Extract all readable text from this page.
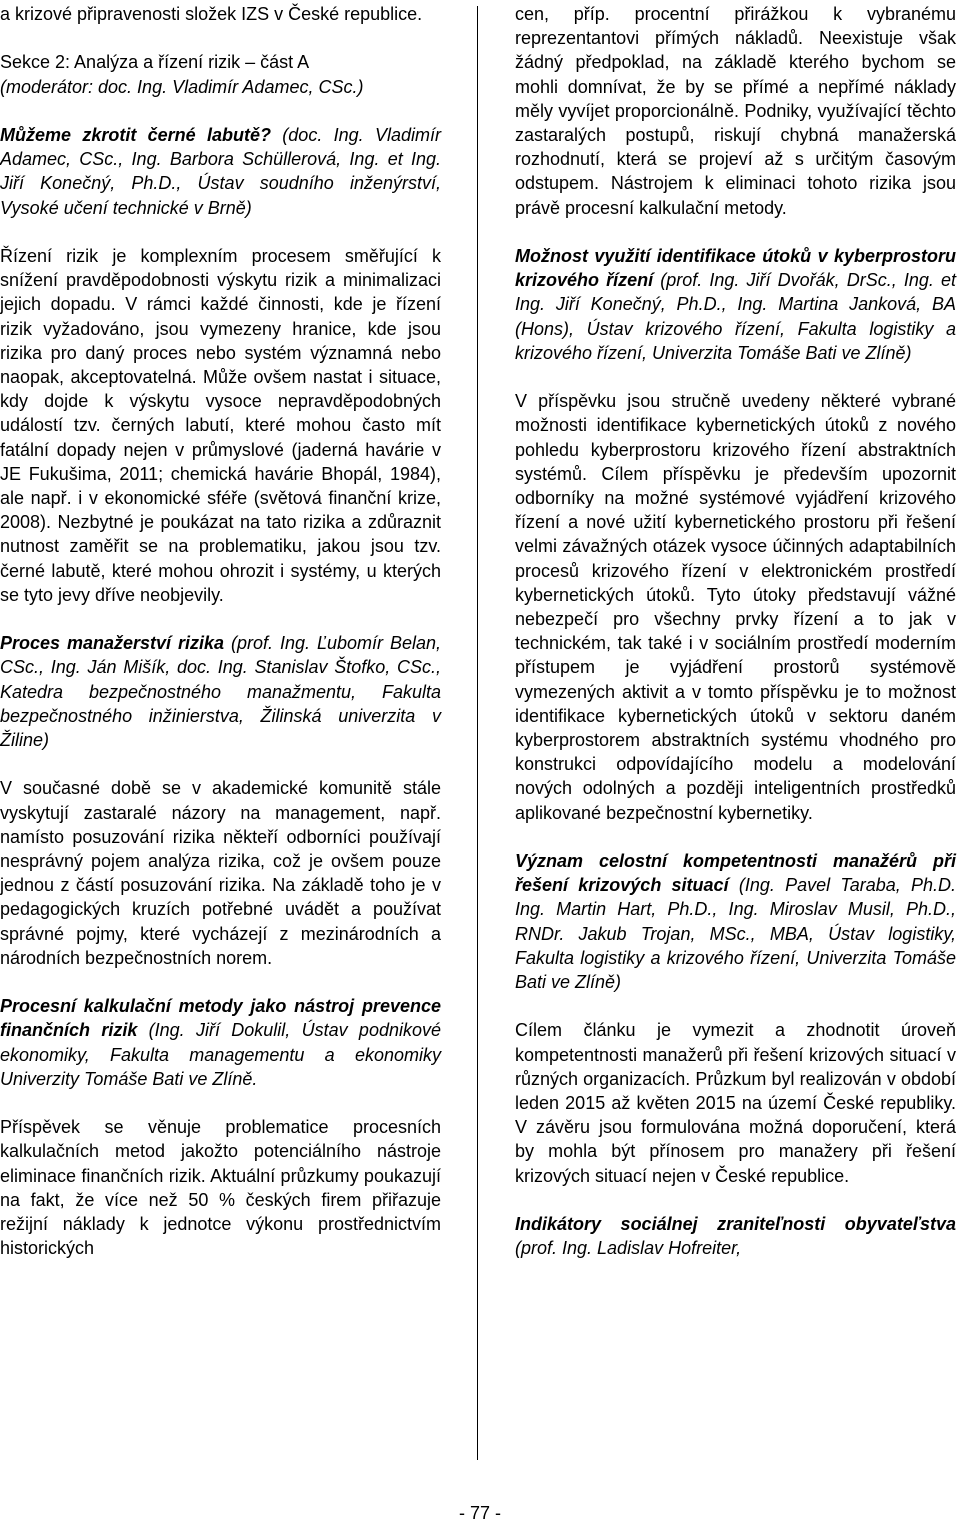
a krizové připravenosti složek IZS v České republice.

Sekce 2: Analýza a řízení rizik – část A
(moderátor: doc. Ing. Vladimír Adamec, CSc.)

Můžeme zkrotit černé labutě? (doc. Ing. Vladimír Adamec, CSc., Ing. Barbora Schüllerová, Ing. et Ing. Jiří Konečný, Ph.D., Ústav soudního inženýrství, Vysoké učení technické v Brně)

Řízení rizik je komplexním procesem směřující k snížení pravděpodobnosti výskytu rizik a minimalizaci jejich dopadu. V rámci každé činnosti, kde je řízení rizik vyžadováno, jsou vymezeny hranice, kde jsou rizika pro daný proces nebo systém významná nebo naopak, akceptovatelná. Může ovšem nastat i situace, kdy dojde k výskytu vysoce nepravděpodobných událostí tzv. černých labutí, které mohou často mít fatální dopady nejen v průmyslové (jaderná havárie v JE Fukušima, 2011; chemická havárie Bhopál, 1984), ale např. i v ekonomické sféře (světová finanční krize, 2008). Nezbytné je poukázat na tato rizika a zdůraznit nutnost zaměřit se na problematiku, jakou jsou tzv. černé labutě, které mohou ohrozit i systémy, u kterých se tyto jevy dříve neobjevily.

Proces manažerství rizika (prof. Ing. Ľubomír Belan, CSc., Ing. Ján Mišík, doc. Ing. Stanislav Štofko, CSc., Katedra bezpečnostného manažmentu, Fakulta bezpečnostného inžinierstva, Žilinská univerzita v Žiline)

V současné době se v akademické komunitě stále vyskytují zastaralé názory na management, např. namísto posuzování rizika někteří odborníci používají nesprávný pojem analýza rizika, což je ovšem pouze jednou z částí posuzování rizika. Na základě toho je v pedagogických kruzích potřebné uvádět a používat správné pojmy, které vycházejí z mezinárodních a národních bezpečnostních norem.

Procesní kalkulační metody jako nástroj prevence finančních rizik (Ing. Jiří Dokulil, Ústav podnikové ekonomiky, Fakulta managementu a ekonomiky Univerzity Tomáše Bati ve Zlíně.

Příspěvek se věnuje problematice procesních kalkulačních metod jakožto potenciálního nástroje eliminace finančních rizik. Aktuální průzkumy poukazují na fakt, že více než 50 % českých firem přiřazuje režijní náklady k jednotce výkonu prostřednictvím historických

cen, příp. procentní přirážkou k vybranému reprezentantovi přímých nákladů. Neexistuje však žádný předpoklad, na základě kterého bychom se mohli domnívat, že by se přímé a nepřímé náklady měly vyvíjet proporcionálně. Podniky, využívající těchto zastaralých postupů, riskují chybná manažerská rozhodnutí, která se projeví až s určitým časovým odstupem. Nástrojem k eliminaci tohoto rizika jsou právě procesní kalkulační metody.

Možnost využití identifikace útoků v kyberprostoru krizového řízení (prof. Ing. Jiří Dvořák, DrSc., Ing. et Ing. Jiří Konečný, Ph.D., Ing. Martina Janková, BA (Hons), Ústav krizového řízení, Fakulta logistiky a krizového řízení, Univerzita Tomáše Bati ve Zlíně)

V příspěvku jsou stručně uvedeny některé vybrané možnosti identifikace kybernetických útoků z nového pohledu kyberprostoru krizového řízení abstraktních systémů. Cílem příspěvku je především upozornit odborníky na možné systémové vyjádření krizového řízení a nové užití kybernetického prostoru při řešení velmi závažných otázek vysoce účinných adaptabilních procesů krizového řízení v elektronickém prostředí kybernetických útoků. Tyto útoky představují vážné nebezpečí pro všechny prvky řízení a to jak v technickém, tak také i v sociálním prostředí moderním přístupem je vyjádření prostorů systémově vymezených aktivit a v tomto příspěvku je to možnost identifikace kybernetických útoků v sektoru daném kyberprostorem abstraktních systému vhodného pro konstrukci odpovídajícího modelu a modelování nových odolných a později inteligentních prostředků aplikované bezpečnostní kybernetiky.

Význam celostní kompetentnosti manažérů při řešení krizových situací (Ing. Pavel Taraba, Ph.D. Ing. Martin Hart, Ph.D., Ing. Miroslav Musil, Ph.D., RNDr. Jakub Trojan, MSc., MBA, Ústav logistiky, Fakulta logistiky a krizového řízení, Univerzita Tomáše Bati ve Zlíně)

Cílem článku je vymezit a zhodnotit úroveň kompetentnosti manažerů při řešení krizových situací v různých organizacích. Průzkum byl realizován v období leden 2015 až květen 2015 na území České republiky. V závěru jsou formulována možná doporučení, která by mohla být přínosem pro manažery při řešení krizových situací nejen v České republice.

Indikátory sociálnej zraniteľnosti obyvateľstva (prof. Ing. Ladislav Hofreiter,

- 77 -
